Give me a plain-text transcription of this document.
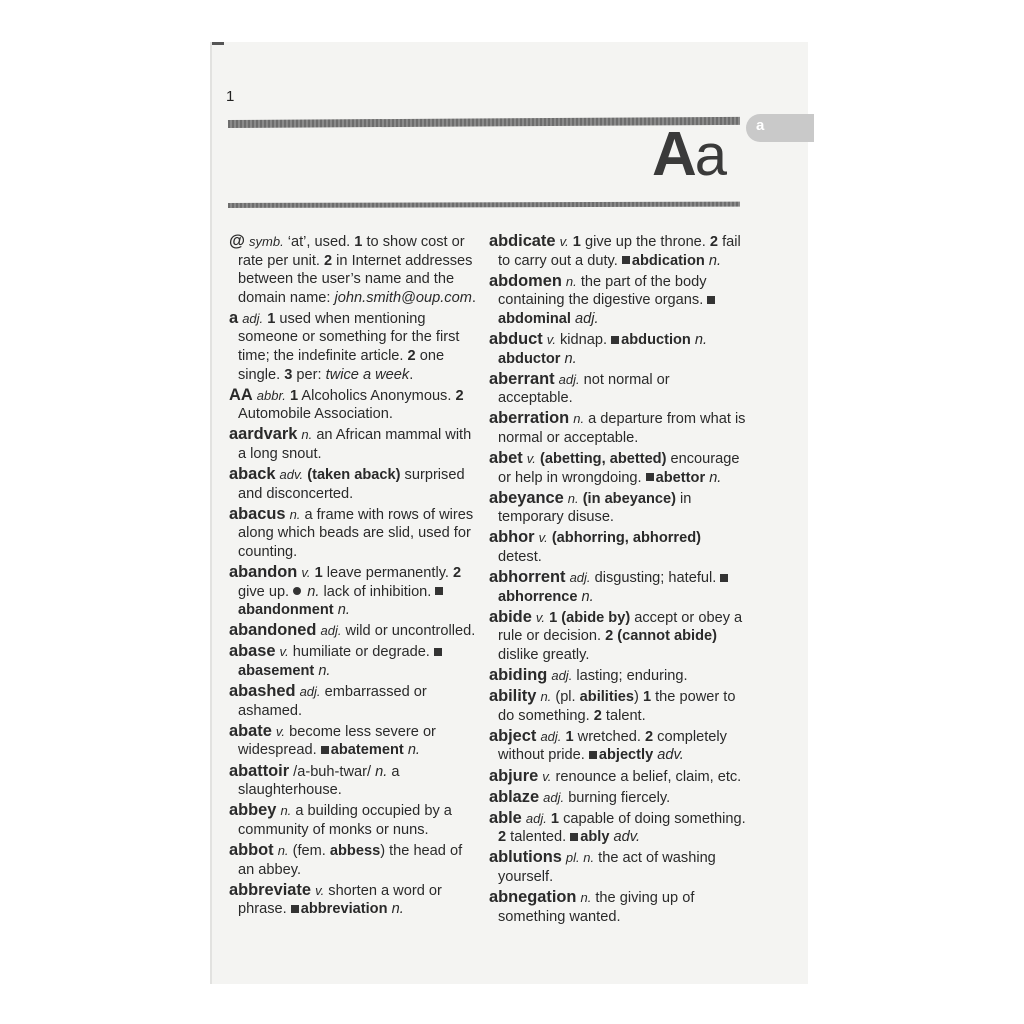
1
a
Aa
@ symb. ‘at’, used. 1 to show cost or rate per unit. 2 in Internet addresses between the user’s name and the domain name: john.smith@oup.com.
a adj. 1 used when mentioning someone or something for the first time; the indefinite article. 2 one single. 3 per: twice a week.
AA abbr. 1 Alcoholics Anonymous. 2 Automobile Association.
aardvark n. an African mammal with a long snout.
aback adv. (taken aback) surprised and disconcerted.
abacus n. a frame with rows of wires along which beads are slid, used for counting.
abandon v. 1 leave permanently. 2 give up.  n. lack of inhibition. abandonment n.
abandoned adj. wild or uncontrolled.
abase v. humiliate or degrade. abasement n.
abashed adj. embarrassed or ashamed.
abate v. become less severe or widespread. abatement n.
abattoir /a-buh-twar/ n. a slaughterhouse.
abbey n. a building occupied by a community of monks or nuns.
abbot n. (fem. abbess) the head of an abbey.
abbreviate v. shorten a word or phrase. abbreviation n.
abdicate v. 1 give up the throne. 2 fail to carry out a duty. abdication n.
abdomen n. the part of the body containing the digestive organs. abdominal adj.
abduct v. kidnap. abduction n. abductor n.
aberrant adj. not normal or acceptable.
aberration n. a departure from what is normal or acceptable.
abet v. (abetting, abetted) encourage or help in wrongdoing. abettor n.
abeyance n. (in abeyance) in temporary disuse.
abhor v. (abhorring, abhorred) detest.
abhorrent adj. disgusting; hateful. abhorrence n.
abide v. 1 (abide by) accept or obey a rule or decision. 2 (cannot abide) dislike greatly.
abiding adj. lasting; enduring.
ability n. (pl. abilities) 1 the power to do something. 2 talent.
abject adj. 1 wretched. 2 completely without pride. abjectly adv.
abjure v. renounce a belief, claim, etc.
ablaze adj. burning fiercely.
able adj. 1 capable of doing something. 2 talented. ably adv.
ablutions pl. n. the act of washing yourself.
abnegation n. the giving up of something wanted.
